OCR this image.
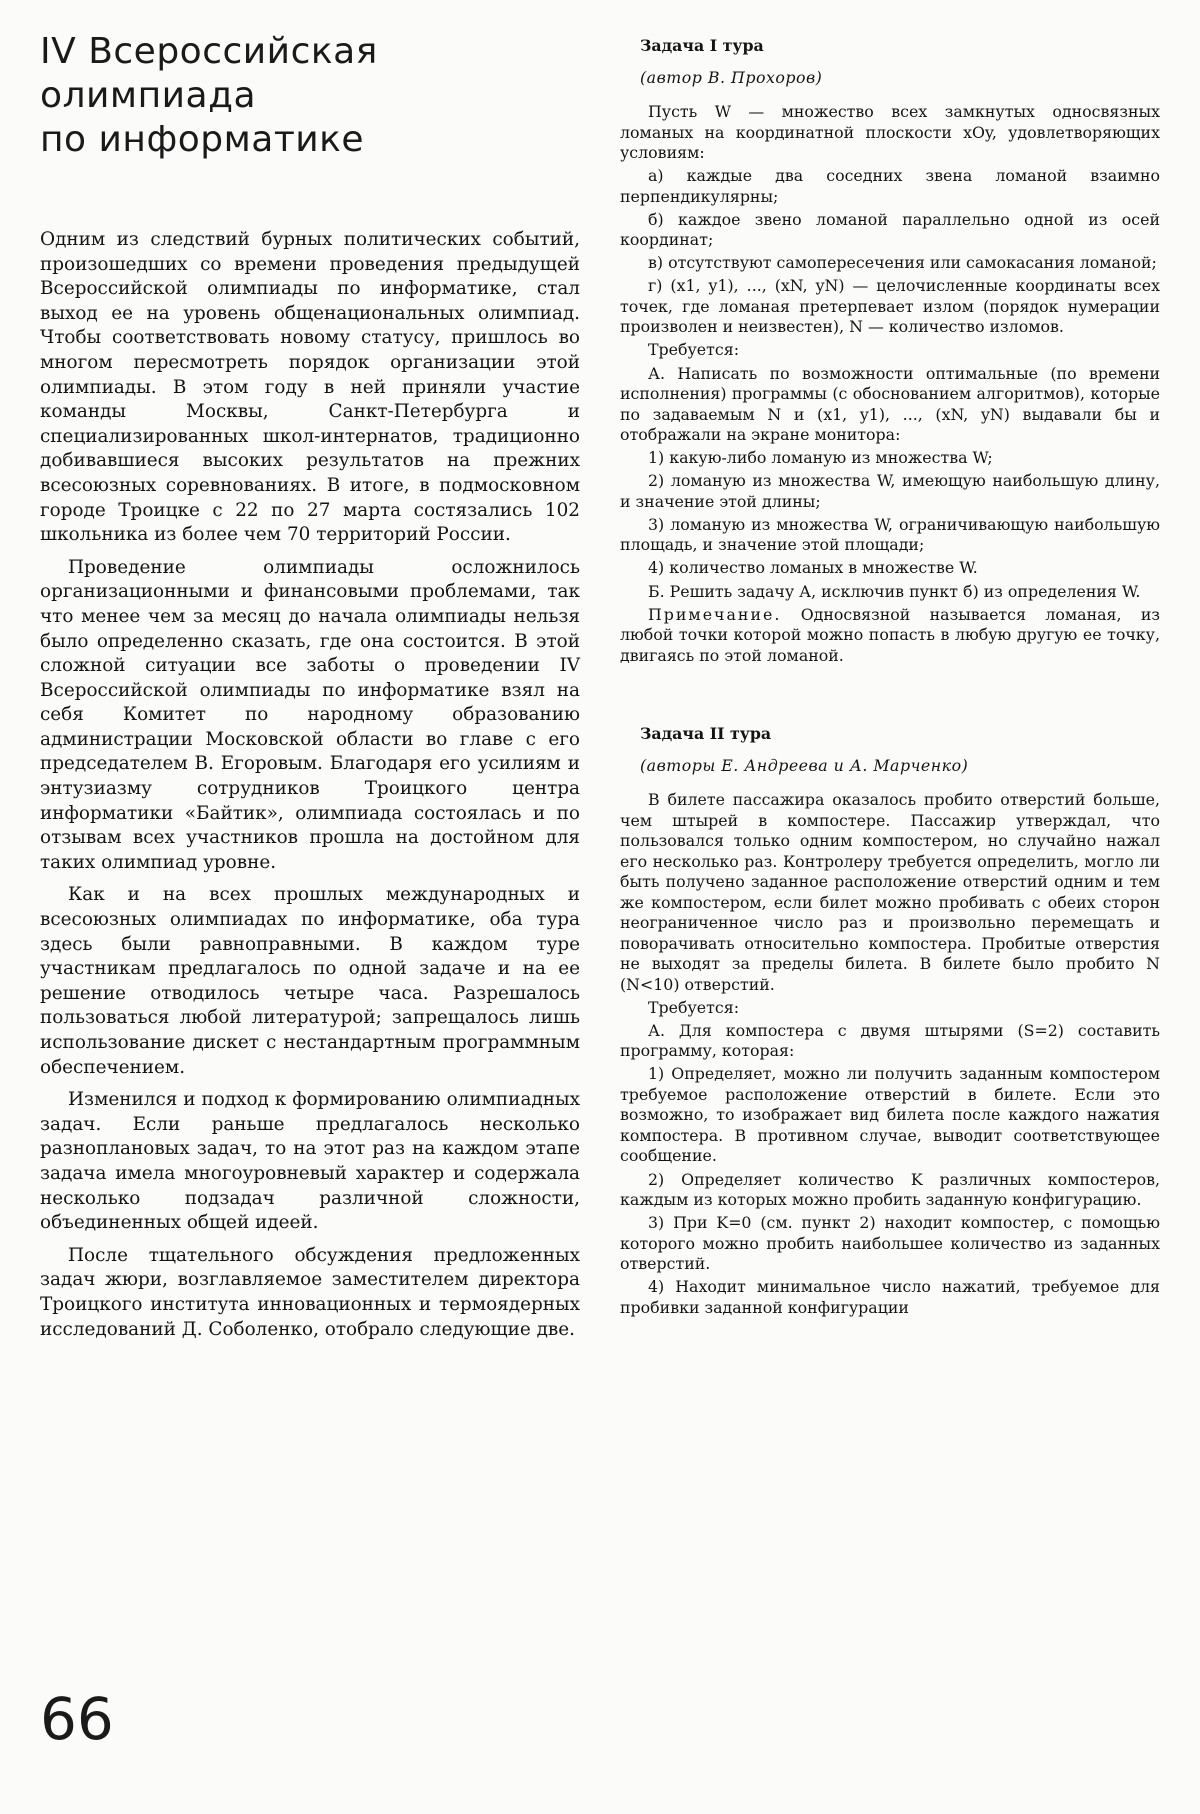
IV Всероссийская
олимпиада
по информатике

Одним из следствий бурных политических событий, произошедших со времени проведения предыдущей Всероссийской олимпиады по информатике, стал выход ее на уровень общенациональных олимпиад. Чтобы соответствовать новому статусу, пришлось во многом пересмотреть порядок организации этой олимпиады. В этом году в ней приняли участие команды Москвы, Санкт-Петербурга и специализированных школ-интернатов, традиционно добивавшиеся высоких результатов на прежних всесоюзных соревнованиях. В итоге, в подмосковном городе Троицке с 22 по 27 марта состязались 102 школьника из более чем 70 территорий России.

Проведение олимпиады осложнилось организационными и финансовыми проблемами, так что менее чем за месяц до начала олимпиады нельзя было определенно сказать, где она состоится. В этой сложной ситуации все заботы о проведении IV Всероссийской олимпиады по информатике взял на себя Комитет по народному образованию администрации Московской области во главе с его председателем В. Егоровым. Благодаря его усилиям и энтузиазму сотрудников Троицкого центра информатики «Байтик», олимпиада состоялась и по отзывам всех участников прошла на достойном для таких олимпиад уровне.

Как и на всех прошлых международных и всесоюзных олимпиадах по информатике, оба тура здесь были равноправными. В каждом туре участникам предлагалось по одной задаче и на ее решение отводилось четыре часа. Разрешалось пользоваться любой литературой; запрещалось лишь использование дискет с нестандартным программным обеспечением.

Изменился и подход к формированию олимпиадных задач. Если раньше предлагалось несколько разноплановых задач, то на этот раз на каждом этапе задача имела многоуровневый характер и содержала несколько подзадач различной сложности, объединенных общей идеей.

После тщательного обсуждения предложенных задач жюри, возглавляемое заместителем директора Троицкого института инновационных и термоядерных исследований Д. Соболенко, отобрало следующие две.

66
Задача I тура
(автор В. Прохоров)

Пусть W — множество всех замкнутых односвязных ломаных на координатной плоскости xOy, удовлетворяющих условиям:

а) каждые два соседних звена ломаной взаимно перпендикулярны;

б) каждое звено ломаной параллельно одной из осей координат;

в) отсутствуют самопересечения или самокасания ломаной;

г) (x1, y1), ..., (xN, yN) — целочисленные координаты всех точек, где ломаная претерпевает излом (порядок нумерации произволен и неизвестен), N — количество изломов.

Требуется:

А. Написать по возможности оптимальные (по времени исполнения) программы (с обоснованием алгоритмов), которые по задаваемым N и (x1, y1), ..., (xN, yN) выдавали бы и отображали на экране монитора:

1) какую-либо ломаную из множества W;

2) ломаную из множества W, имеющую наибольшую длину, и значение этой длины;

3) ломаную из множества W, ограничивающую наибольшую площадь, и значение этой площади;

4) количество ломаных в множестве W.

Б. Решить задачу А, исключив пункт б) из определения W.

Примечание. Односвязной называется ломаная, из любой точки которой можно попасть в любую другую ее точку, двигаясь по этой ломаной.

Задача II тура
(авторы Е. Андреева и А. Марченко)

В билете пассажира оказалось пробито отверстий больше, чем штырей в компостере. Пассажир утверждал, что пользовался только одним компостером, но случайно нажал его несколько раз. Контролеру требуется определить, могло ли быть получено заданное расположение отверстий одним и тем же компостером, если билет можно пробивать с обеих сторон неограниченное число раз и произвольно перемещать и поворачивать относительно компостера. Пробитые отверстия не выходят за пределы билета. В билете было пробито N (N<10) отверстий.

Требуется:

А. Для компостера с двумя штырями (S=2) составить программу, которая:

1) Определяет, можно ли получить заданным компостером требуемое расположение отверстий в билете. Если это возможно, то изображает вид билета после каждого нажатия компостера. В противном случае, выводит соответствующее сообщение.

2) Определяет количество K различных компостеров, каждым из которых можно пробить заданную конфигурацию.

3) При K=0 (см. пункт 2) находит компостер, с помощью которого можно пробить наибольшее количество из заданных отверстий.

4) Находит минимальное число нажатий, требуемое для пробивки заданной конфигурации
